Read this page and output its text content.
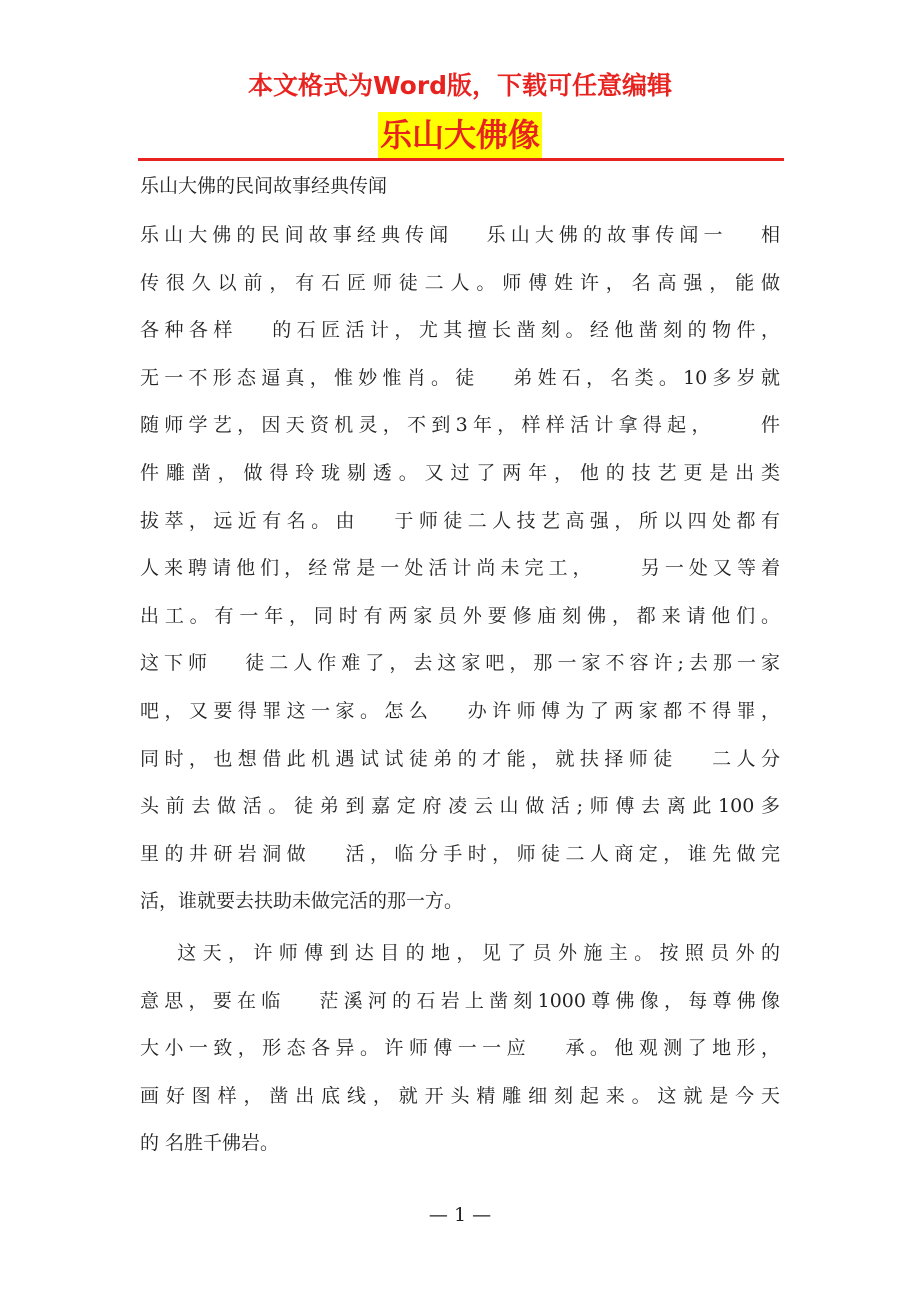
本文格式为Word版，下载可任意编辑
乐山大佛像
乐山大佛的民间故事经典传闻
乐山大佛的民间故事经典传闻   乐山大佛的故事传闻一   相
传很久以前，有石匠师徒二人。师傅姓许，名高强，能做
各种各样   的石匠活计，尤其擅长凿刻。经他凿刻的物件，
无一不形态逼真，惟妙惟肖。徒   弟姓石，名类。10多岁就
随师学艺，因天资机灵，不到3年，样样活计拿得起，    件
件雕凿，做得玲珑剔透。又过了两年，他的技艺更是出类
拔萃，远近有名。由   于师徒二人技艺高强，所以四处都有
人来聘请他们，经常是一处活计尚未完工，    另一处又等着
出工。有一年，同时有两家员外要修庙刻佛，都来请他们。
这下师   徒二人作难了，去这家吧，那一家不容许;去那一家
吧，又要得罪这一家。怎么   办许师傅为了两家都不得罪，
同时，也想借此机遇试试徒弟的才能，就扶择师徒   二人分
头前去做活。徒弟到嘉定府凌云山做活;师傅去离此100多
里的井研岩洞做   活，临分手时，师徒二人商定，谁先做完
活，谁就要去扶助未做完活的那一方。
这天，许师傅到达目的地，见了员外施主。按照员外的
意思，要在临   茫溪河的石岩上凿刻1000尊佛像，每尊佛像
大小一致，形态各异。许师傅一一应   承。他观测了地形，
画好图样，凿出底线，就开头精雕细刻起来。这就是今天
的 名胜千佛岩。
— 1 —
